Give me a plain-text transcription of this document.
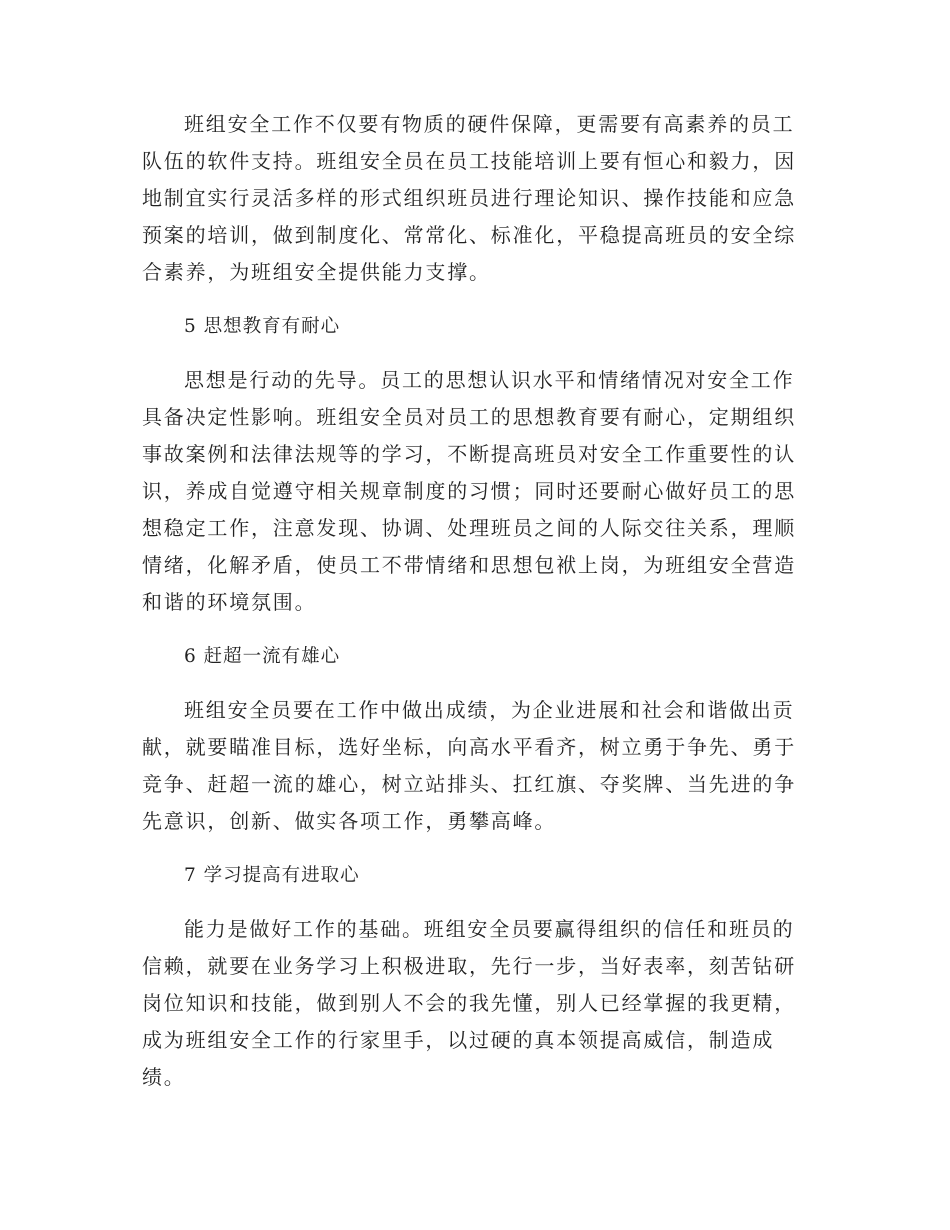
班组安全工作不仅要有物质的硬件保障，更需要有高素养的员工
队伍的软件支持。班组安全员在员工技能培训上要有恒心和毅力，因
地制宜实行灵活多样的形式组织班员进行理论知识、操作技能和应急
预案的培训，做到制度化、常常化、标准化，平稳提高班员的安全综
合素养，为班组安全提供能力支撑。
5 思想教育有耐心
思想是行动的先导。员工的思想认识水平和情绪情况对安全工作
具备决定性影响。班组安全员对员工的思想教育要有耐心，定期组织
事故案例和法律法规等的学习，不断提高班员对安全工作重要性的认
识，养成自觉遵守相关规章制度的习惯；同时还要耐心做好员工的思
想稳定工作，注意发现、协调、处理班员之间的人际交往关系，理顺
情绪，化解矛盾，使员工不带情绪和思想包袱上岗，为班组安全营造
和谐的环境氛围。
6 赶超一流有雄心
班组安全员要在工作中做出成绩，为企业进展和社会和谐做出贡
献，就要瞄准目标，选好坐标，向高水平看齐，树立勇于争先、勇于
竞争、赶超一流的雄心，树立站排头、扛红旗、夺奖牌、当先进的争
先意识，创新、做实各项工作，勇攀高峰。
7 学习提高有进取心
能力是做好工作的基础。班组安全员要赢得组织的信任和班员的
信赖，就要在业务学习上积极进取，先行一步，当好表率，刻苦钻研
岗位知识和技能，做到别人不会的我先懂，别人已经掌握的我更精，
成为班组安全工作的行家里手，以过硬的真本领提高威信，制造成
绩。
